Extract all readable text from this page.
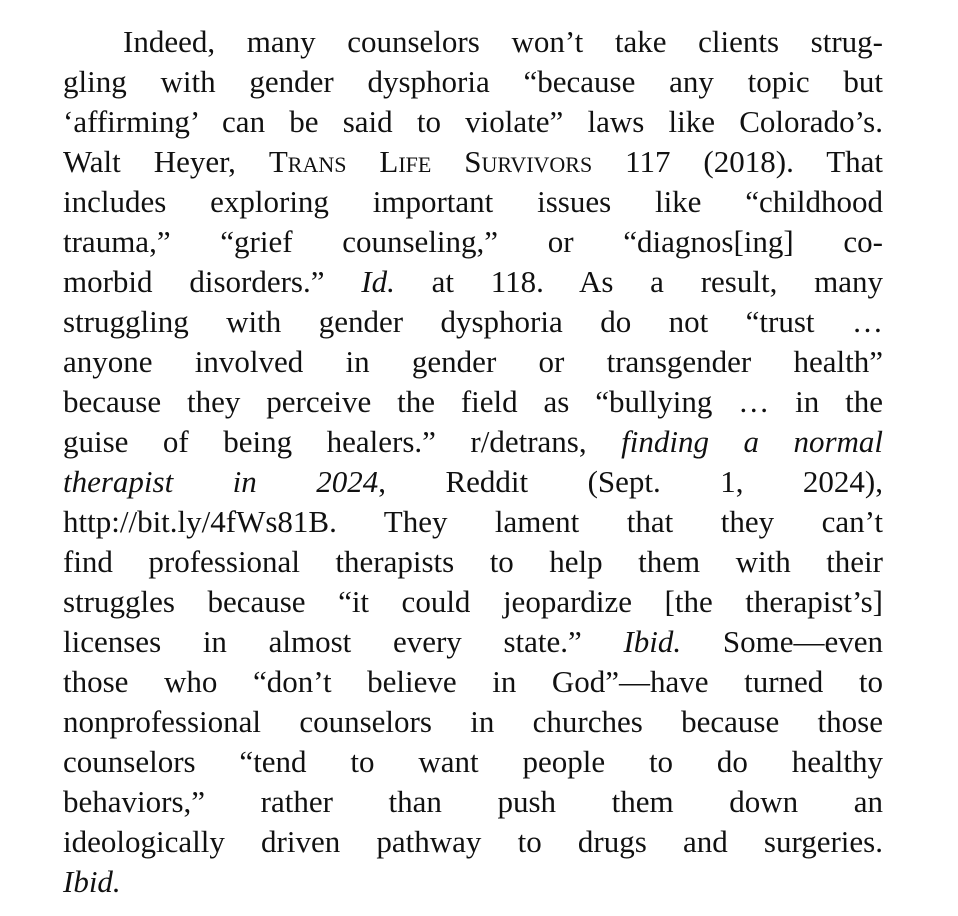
Indeed, many counselors won’t take clients strug-
gling with gender dysphoria “because any topic but
‘affirming’ can be said to violate” laws like Colorado’s.
Walt Heyer, Trans Life Survivors 117 (2018). That
includes exploring important issues like “childhood
trauma,” “grief counseling,” or “diagnos[ing] co-
morbid disorders.” Id. at 118. As a result, many
struggling with gender dysphoria do not “trust …
anyone involved in gender or transgender health”
because they perceive the field as “bullying … in the
guise of being healers.” r/detrans, finding a normal
therapist in 2024, Reddit (Sept. 1, 2024),
http://bit.ly/4fWs81B. They lament that they can’t
find professional therapists to help them with their
struggles because “it could jeopardize [the therapist’s]
licenses in almost every state.” Ibid. Some—even
those who “don’t believe in God”—have turned to
nonprofessional counselors in churches because those
counselors “tend to want people to do healthy
behaviors,” rather than push them down an
ideologically driven pathway to drugs and surgeries.
Ibid.
